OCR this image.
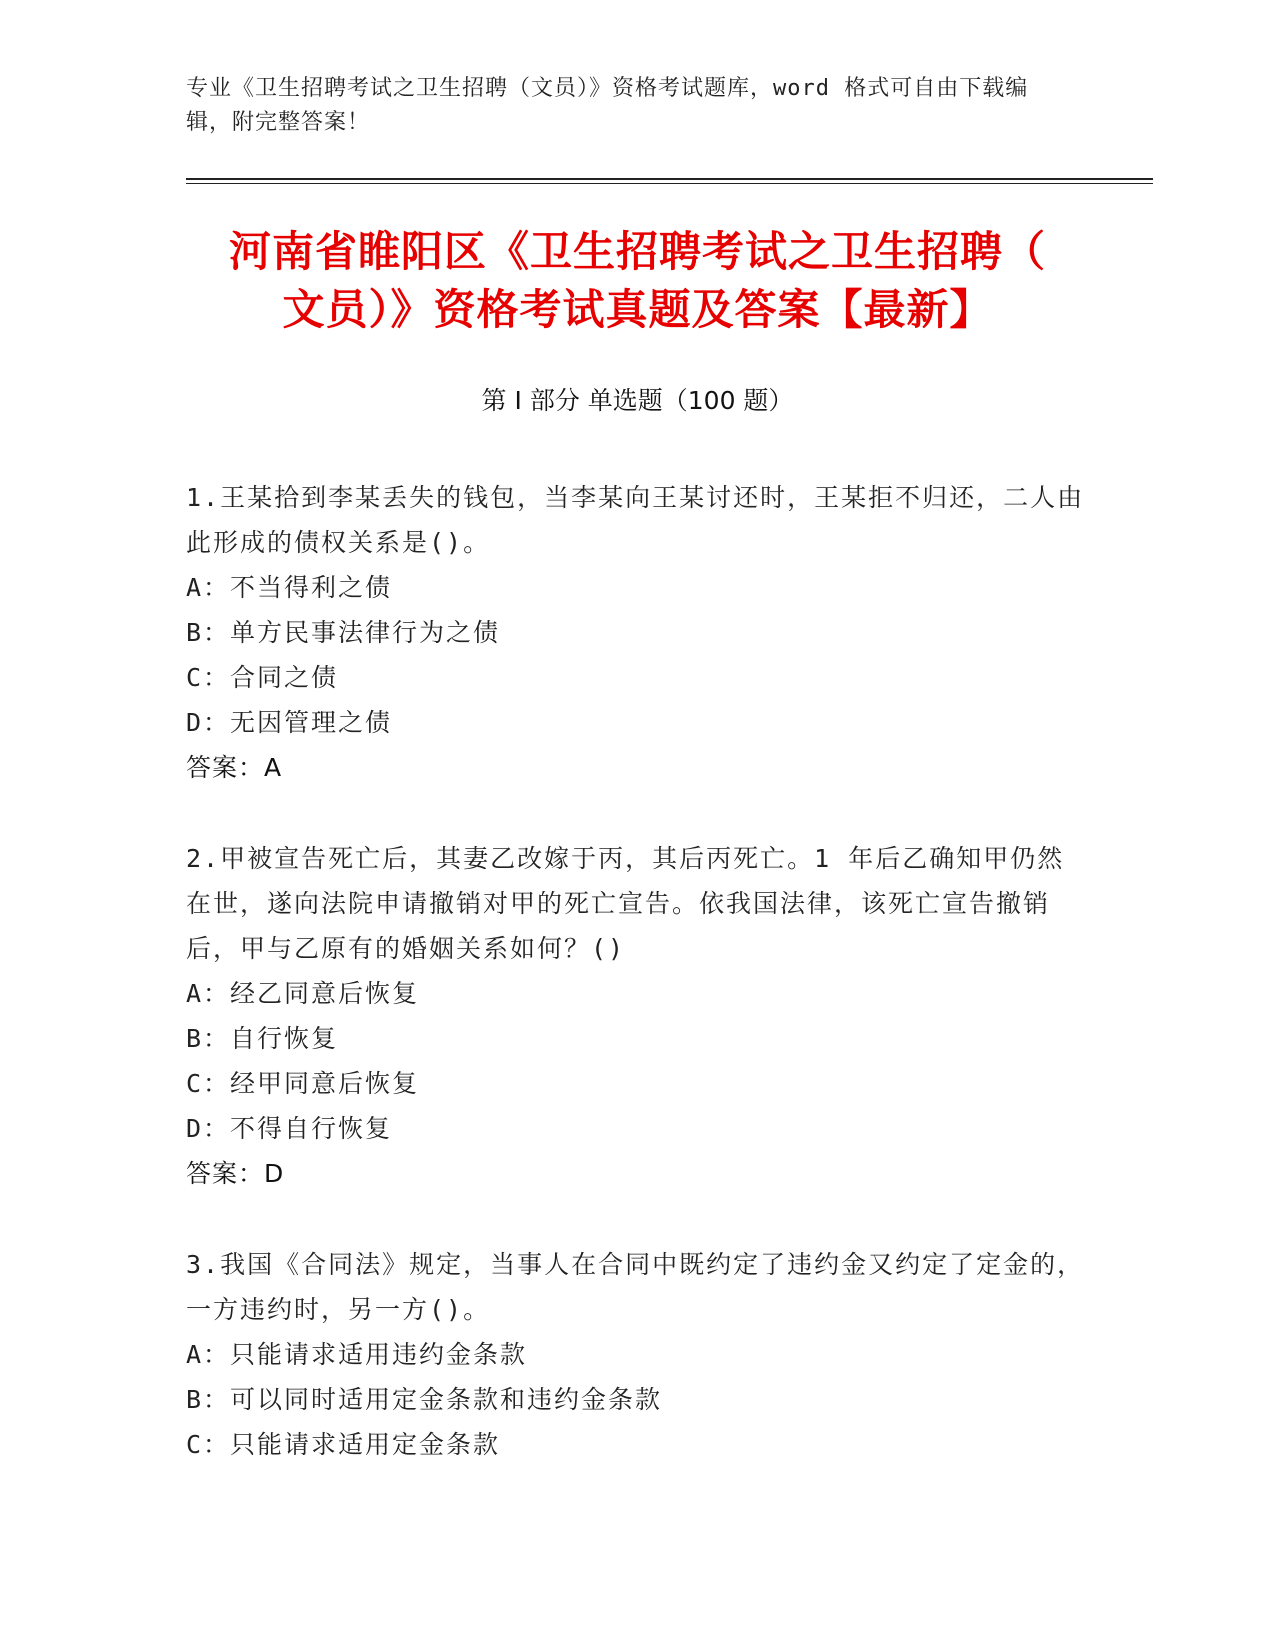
专业《卫生招聘考试之卫生招聘（文员）》资格考试题库，word 格式可自由下载编辑，附完整答案！
河南省睢阳区《卫生招聘考试之卫生招聘（
文员）》资格考试真题及答案【最新】
第 I 部分 单选题（100 题）
1.王某拾到李某丢失的钱包，当李某向王某讨还时，王某拒不归还，二人由此形成的债权关系是()。
A：不当得利之债
B：单方民事法律行为之债
C：合同之债
D：无因管理之债
答案：A
2.甲被宣告死亡后，其妻乙改嫁于丙，其后丙死亡。1 年后乙确知甲仍然在世，遂向法院申请撤销对甲的死亡宣告。依我国法律，该死亡宣告撤销后，甲与乙原有的婚姻关系如何？()
A：经乙同意后恢复
B：自行恢复
C：经甲同意后恢复
D：不得自行恢复
答案：D
3.我国《合同法》规定，当事人在合同中既约定了违约金又约定了定金的，一方违约时，另一方()。
A：只能请求适用违约金条款
B：可以同时适用定金条款和违约金条款
C：只能请求适用定金条款
